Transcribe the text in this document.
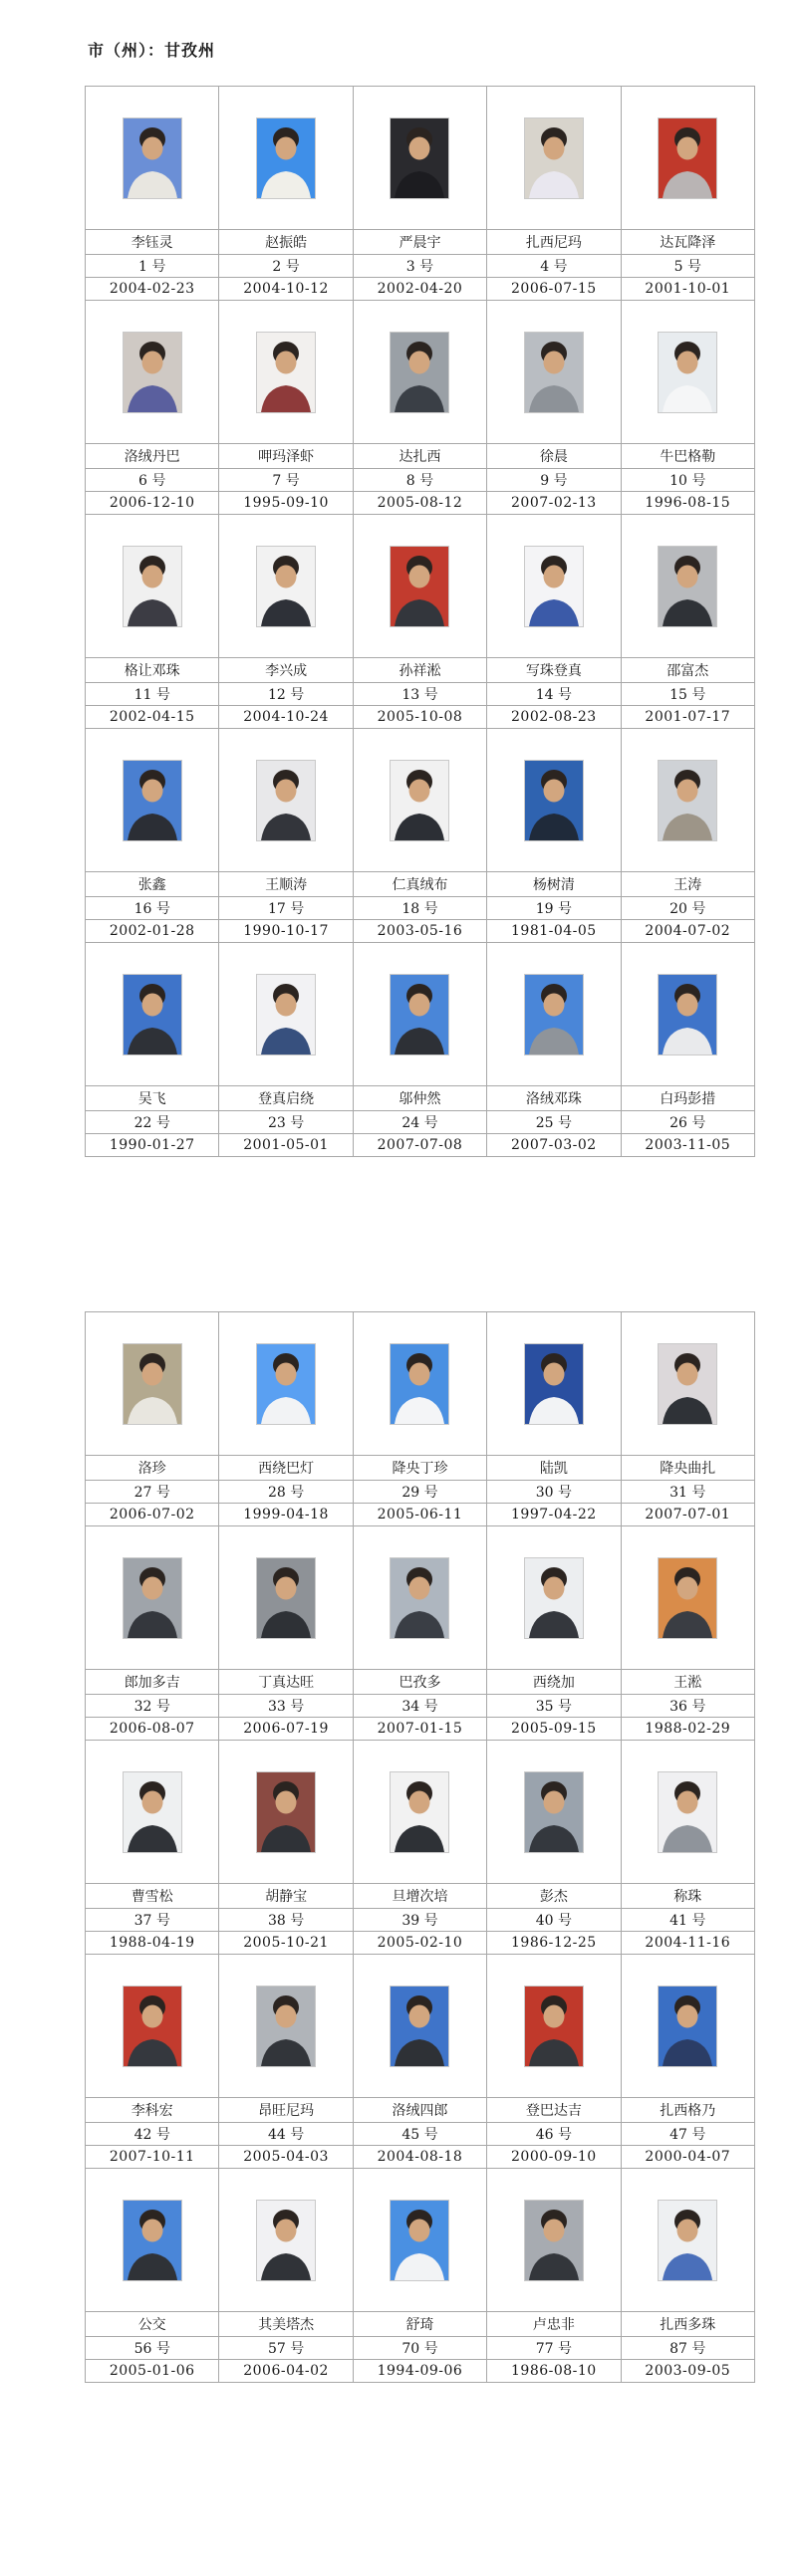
市（州）：甘孜州

李钰灵	赵振皓	严晨宇	扎西尼玛	达瓦降泽
1 号	2 号	3 号	4 号	5 号
2004-02-23	2004-10-12	2002-04-20	2006-07-15	2001-10-01

洛绒丹巴	呷玛泽虾	达扎西	徐晨	牛巴格勒
6 号	7 号	8 号	9 号	10 号
2006-12-10	1995-09-10	2005-08-12	2007-02-13	1996-08-15

格让邓珠	李兴成	孙祥淞	写珠登真	邵富杰
11 号	12 号	13 号	14 号	15 号
2002-04-15	2004-10-24	2005-10-08	2002-08-23	2001-07-17

张鑫	王顺涛	仁真绒布	杨树清	王涛
16 号	17 号	18 号	19 号	20 号
2002-01-28	1990-10-17	2003-05-16	1981-04-05	2004-07-02

吴飞	登真启绕	邬仲然	洛绒邓珠	白玛彭措
22 号	23 号	24 号	25 号	26 号
1990-01-27	2001-05-01	2007-07-08	2007-03-02	2003-11-05

洛珍	西绕巴灯	降央丁珍	陆凯	降央曲扎
27 号	28 号	29 号	30 号	31 号
2006-07-02	1999-04-18	2005-06-11	1997-04-22	2007-07-01

郎加多吉	丁真达旺	巴孜多	西绕加	王淞
32 号	33 号	34 号	35 号	36 号
2006-08-07	2006-07-19	2007-01-15	2005-09-15	1988-02-29

曹雪松	胡静宝	旦增次培	彭杰	称珠
37 号	38 号	39 号	40 号	41 号
1988-04-19	2005-10-21	2005-02-10	1986-12-25	2004-11-16

李科宏	昂旺尼玛	洛绒四郎	登巴达吉	扎西格乃
42 号	44 号	45 号	46 号	47 号
2007-10-11	2005-04-03	2004-08-18	2000-09-10	2000-04-07

公交	其美塔杰	舒琦	卢忠非	扎西多珠
56 号	57 号	70 号	77 号	87 号
2005-01-06	2006-04-02	1994-09-06	1986-08-10	2003-09-05
